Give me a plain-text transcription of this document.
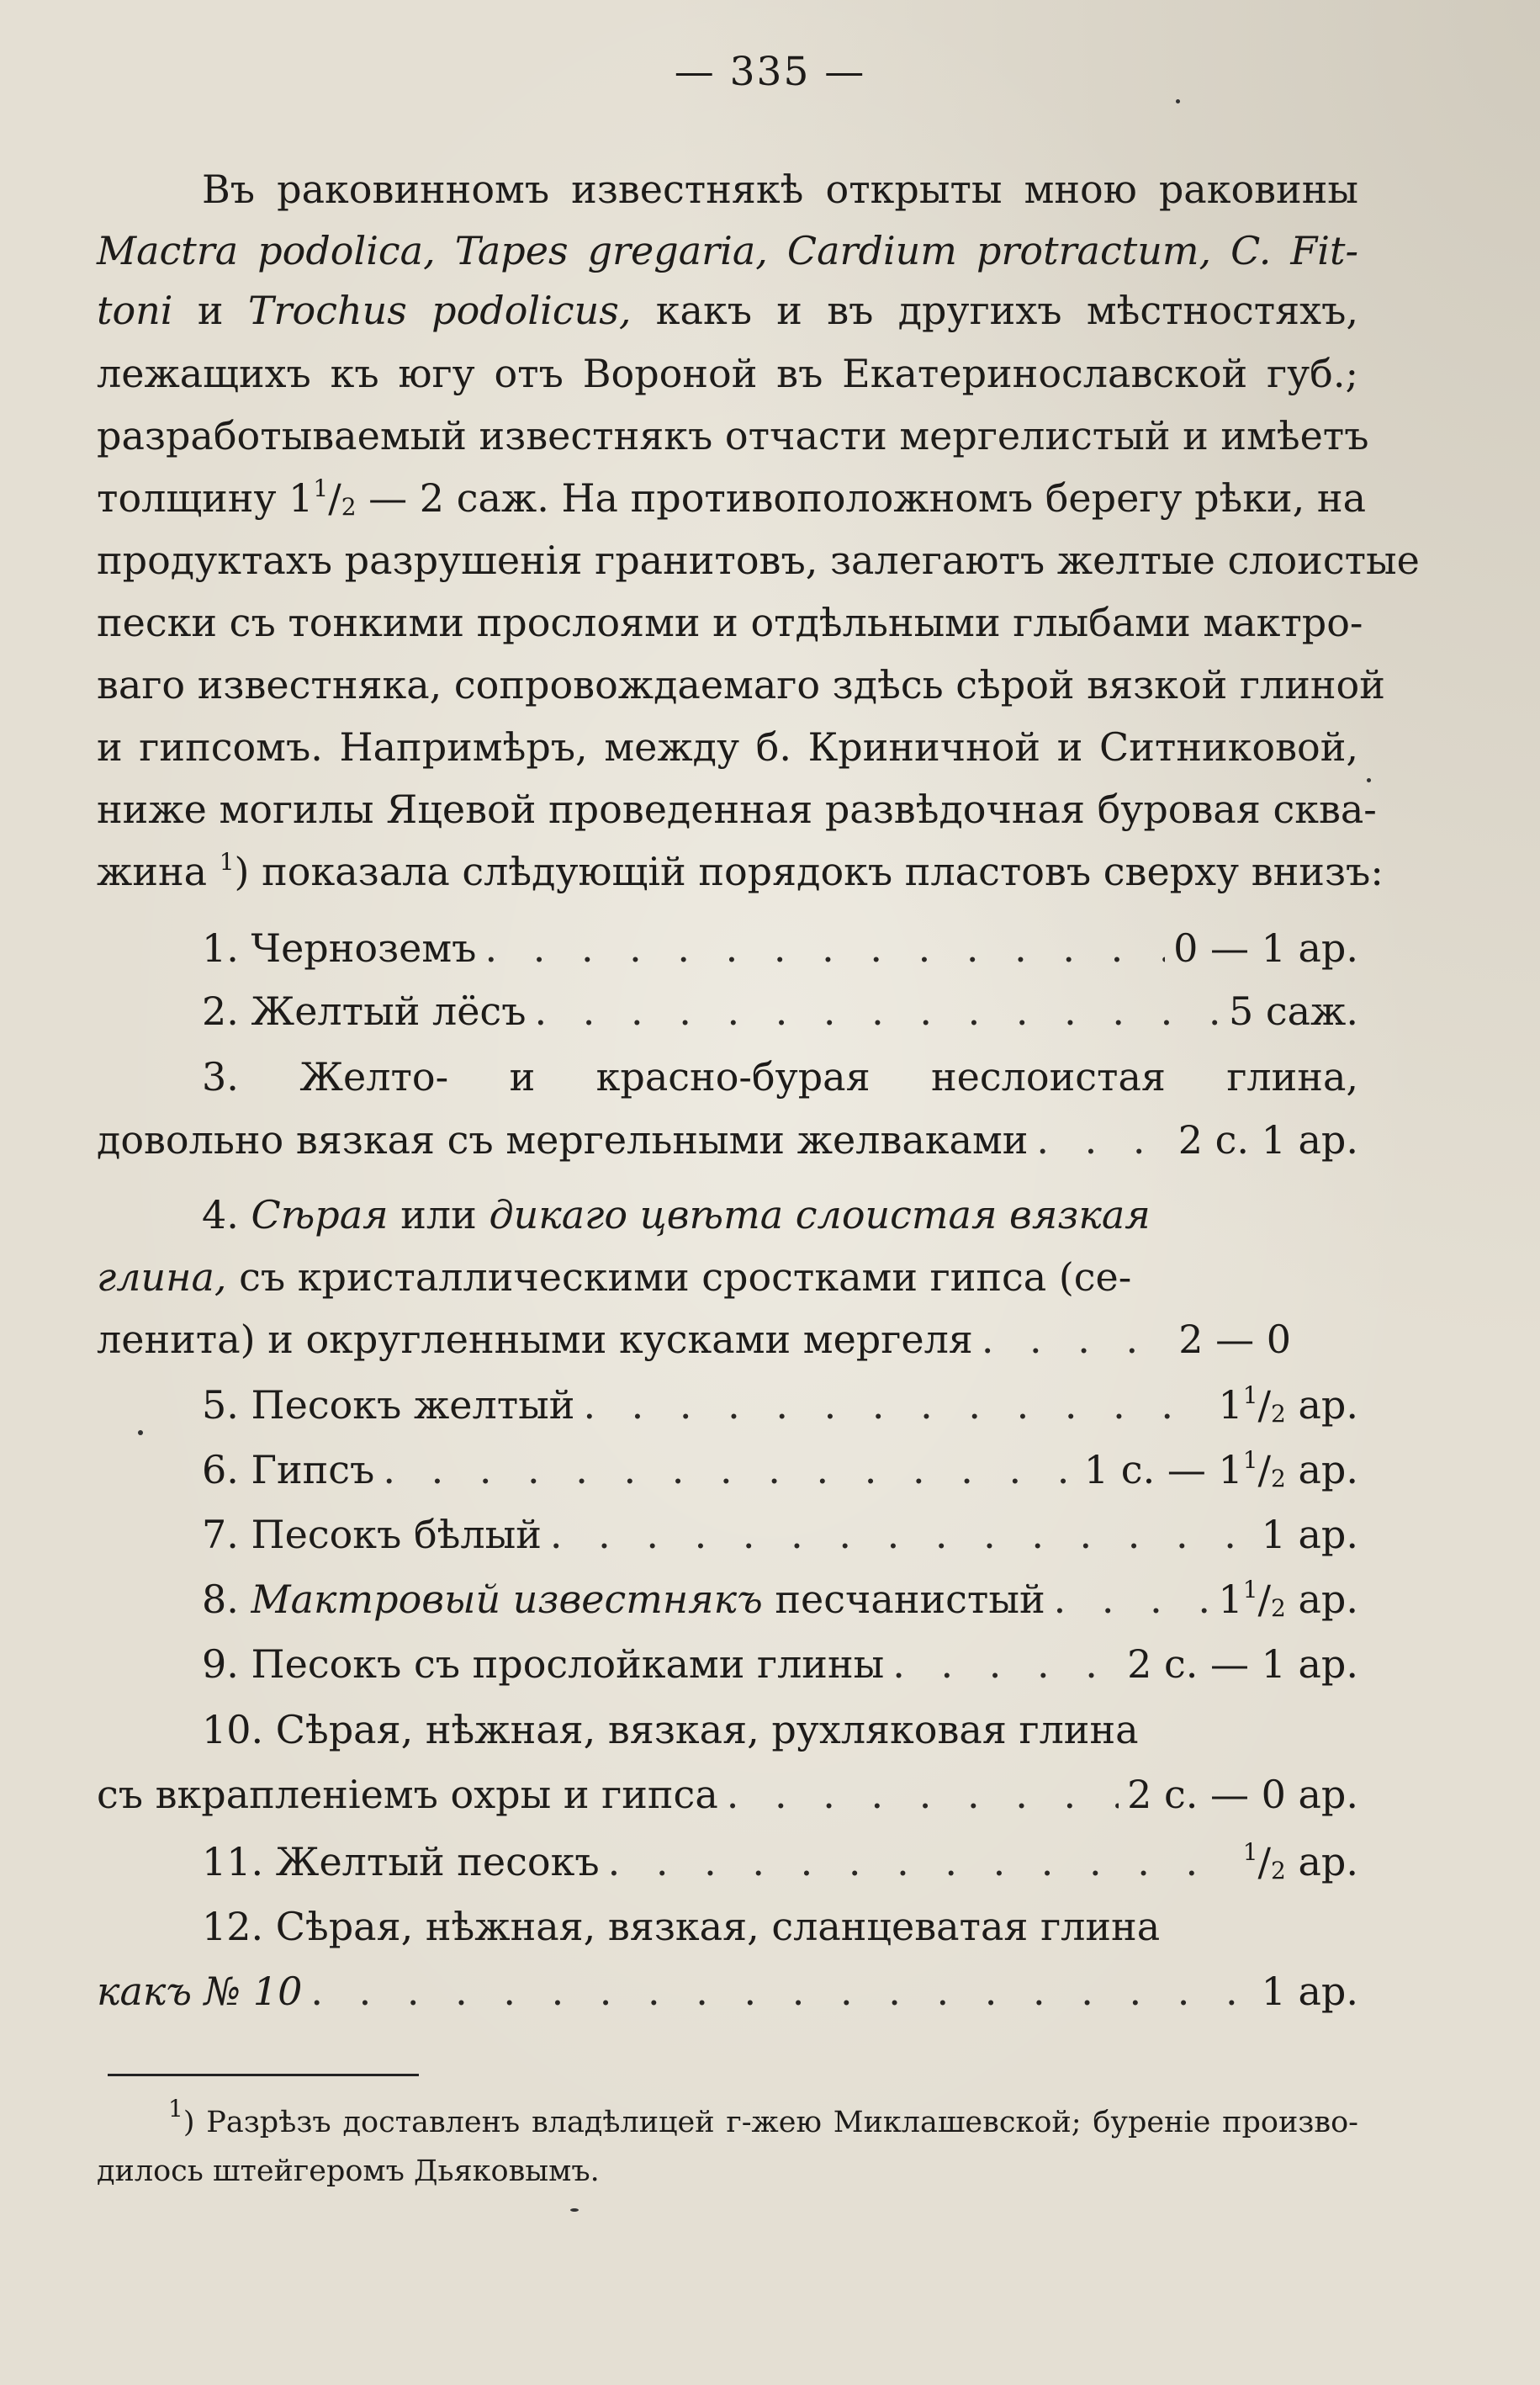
— 335 —
Въ раковинномъ известнякѣ открыты мною раковины
Mactra podolica, Tapes gregaria, Cardium protractum, C. Fit-
toni и Trochus podolicus, какъ и въ другихъ мѣстностяхъ,
лежащихъ къ югу отъ Вороной въ Екатеринославской губ.;
разработываемый известнякъ отчасти мергелистый и имѣетъ
толщину $1^1/_2$ — 2 саж. На противоположномъ берегу рѣки, на
продуктахъ разрушенія гранитовъ, залегаютъ желтые слоистые
пески съ тонкими прослоями и отдѣльными глыбами мактро-
ваго известняка, сопровождаемаго здѣсь сѣрой вязкой глиной
и гипсомъ. Напримѣръ, между б. Криничной и Ситниковой,
ниже могилы Яцевой проведенная развѣдочная буровая сква-
жина $^1$) показала слѣдующій порядокъ пластовъ сверху внизъ:
1. Черноземъ . . .	0 — 1 ар.
2. Желтый лёсъ . . .	5 саж.
3. Желто- и красно-бурая неслоистая глина,
довольно вязкая съ мергельными желваками . . .	2 с. 1 ар.
4. Сѣрая или дикаго цвѣта слоистая вязкая
глина, съ кристаллическими сростками гипса (се-
ленита) и округленными кусками мергеля . . .	2 — 0
5. Песокъ желтый . . .	$1^1/_2$ ар.
6. Гипсъ . . .	1 с. — $1^1/_2$ ар.
7. Песокъ бѣлый . . .	1 ар.
8. Мактровый известнякъ песчанистый . . .	$1^1/_2$ ар.
9. Песокъ съ прослойками глины . . .	2 с. — 1 ар.
10. Сѣрая, нѣжная, вязкая, рухляковая глина
съ вкрапленіемъ охры и гипса . . .	2 с. — 0 ар.
11. Желтый песокъ . . .	$^1/_2$ ар.
12. Сѣрая, нѣжная, вязкая, сланцеватая глина
какъ № 10 . . .	1 ар.
$^1$) Разрѣзъ доставленъ владѣлицей г-жею Миклашевской; буреніе произво-
дилось штейгеромъ Дьяковымъ.
